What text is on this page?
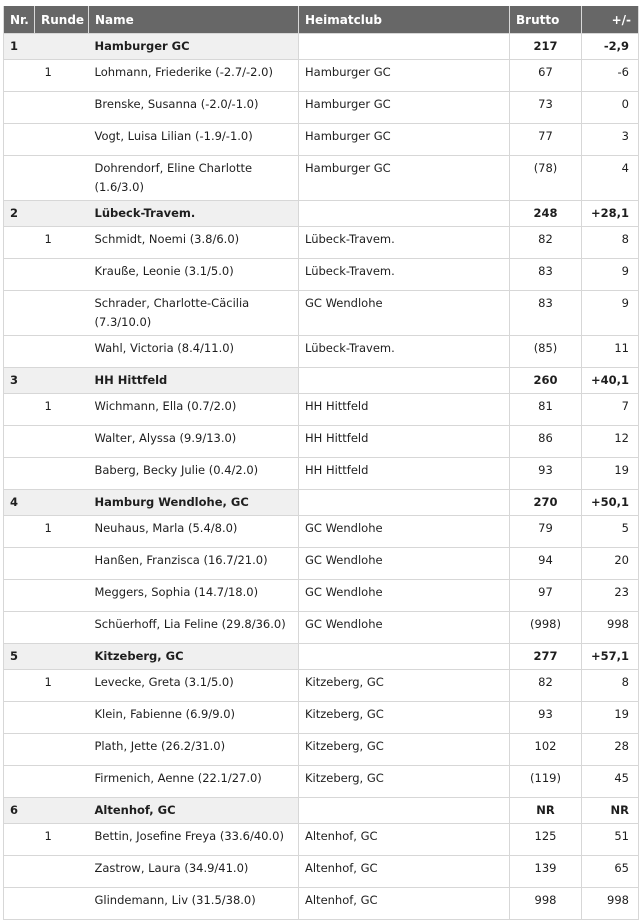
Nr.	Runde	Name	Heimatclub	Brutto	+/-
1		Hamburger GC		217	-2,9
	1	Lohmann, Friederike (-2.7/-2.0)	Hamburger GC	67	-6
		Brenske, Susanna (-2.0/-1.0)	Hamburger GC	73	0
		Vogt, Luisa Lilian (-1.9/-1.0)	Hamburger GC	77	3
		Dohrendorf, Eline Charlotte (1.6/3.0)	Hamburger GC	(78)	4
2		Lübeck-Travem.		248	+28,1
	1	Schmidt, Noemi (3.8/6.0)	Lübeck-Travem.	82	8
		Krauße, Leonie (3.1/5.0)	Lübeck-Travem.	83	9
		Schrader, Charlotte-Cäcilia (7.3/10.0)	GC Wendlohe	83	9
		Wahl, Victoria (8.4/11.0)	Lübeck-Travem.	(85)	11
3		HH Hittfeld		260	+40,1
	1	Wichmann, Ella (0.7/2.0)	HH Hittfeld	81	7
		Walter, Alyssa (9.9/13.0)	HH Hittfeld	86	12
		Baberg, Becky Julie (0.4/2.0)	HH Hittfeld	93	19
4		Hamburg Wendlohe, GC		270	+50,1
	1	Neuhaus, Marla (5.4/8.0)	GC Wendlohe	79	5
		Hanßen, Franzisca (16.7/21.0)	GC Wendlohe	94	20
		Meggers, Sophia (14.7/18.0)	GC Wendlohe	97	23
		Schüerhoff, Lia Feline (29.8/36.0)	GC Wendlohe	(998)	998
5		Kitzeberg, GC		277	+57,1
	1	Levecke, Greta (3.1/5.0)	Kitzeberg, GC	82	8
		Klein, Fabienne (6.9/9.0)	Kitzeberg, GC	93	19
		Plath, Jette (26.2/31.0)	Kitzeberg, GC	102	28
		Firmenich, Aenne (22.1/27.0)	Kitzeberg, GC	(119)	45
6		Altenhof, GC		NR	NR
	1	Bettin, Josefine Freya (33.6/40.0)	Altenhof, GC	125	51
		Zastrow, Laura (34.9/41.0)	Altenhof, GC	139	65
		Glindemann, Liv (31.5/38.0)	Altenhof, GC	998	998
